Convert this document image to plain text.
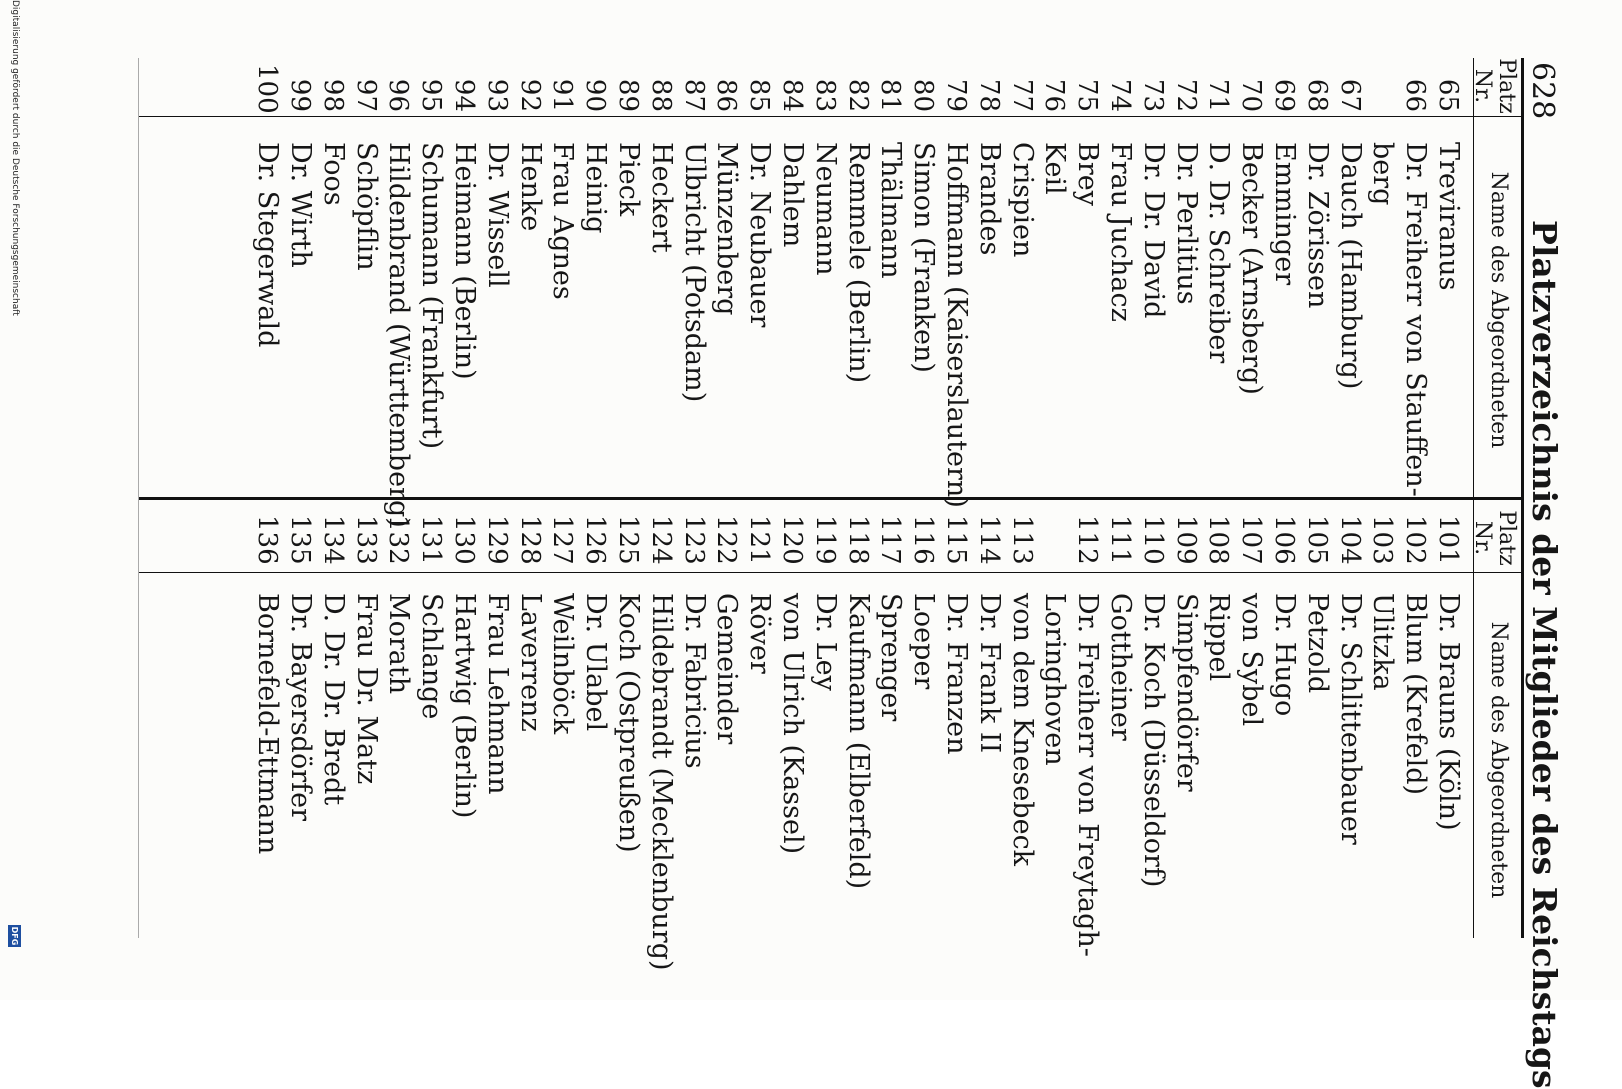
628
Platzverzeichnis der Mitglieder des Reichstags
Platz Nr.
Name des Abgeordneten
Platz Nr.
Name des Abgeordneten
65
Treviranus
66
Dr. Freiherr von Stauffen-
berg
67
Dauch (Hamburg)
68
Dr. Zörissen
69
Emminger
70
Becker (Arnsberg)
71
D. Dr. Schreiber
72
Dr. Perlitius
73
Dr. Dr. David
74
Frau Juchacz
75
Brey
76
Keil
77
Crispien
78
Brandes
79
Hoffmann (Kaiserslautern)
80
Simon (Franken)
81
Thälmann
82
Remmele (Berlin)
83
Neumann
84
Dahlem
85
Dr. Neubauer
86
Münzenberg
87
Ulbricht (Potsdam)
88
Heckert
89
Pieck
90
Heinig
91
Frau Agnes
92
Henke
93
Dr. Wissell
94
Heimann (Berlin)
95
Schumann (Frankfurt)
96
Hildenbrand (Württemberg)
97
Schöpflin
98
Foos
99
Dr. Wirth
100
Dr. Stegerwald
101
Dr. Brauns (Köln)
102
Blum (Krefeld)
103
Ulitzka
104
Dr. Schlittenbauer
105
Petzold
106
Dr. Hugo
107
von Sybel
108
Rippel
109
Simpfendörfer
110
Dr. Koch (Düsseldorf)
111
Gottheiner
112
Dr. Freiherr von Freytagh-
Loringhoven
113
von dem Knesebeck
114
Dr. Frank II
115
Dr. Franzen
116
Loeper
117
Sprenger
118
Kaufmann (Elberfeld)
119
Dr. Ley
120
von Ulrich (Kassel)
121
Röver
122
Gemeinder
123
Dr. Fabricius
124
Hildebrandt (Mecklenburg)
125
Koch (Ostpreußen)
126
Dr. Ulabel
127
Weilnböck
128
Laverrenz
129
Frau Lehmann
130
Hartwig (Berlin)
131
Schlange
132
Morath
133
Frau Dr. Matz
134
D. Dr. Dr. Bredt
135
Dr. Bayersdörfer
136
Bornefeld-Ettmann
Digitalisierung gefördert durch die Deutsche Forschungsgemeinschaft
DFG
